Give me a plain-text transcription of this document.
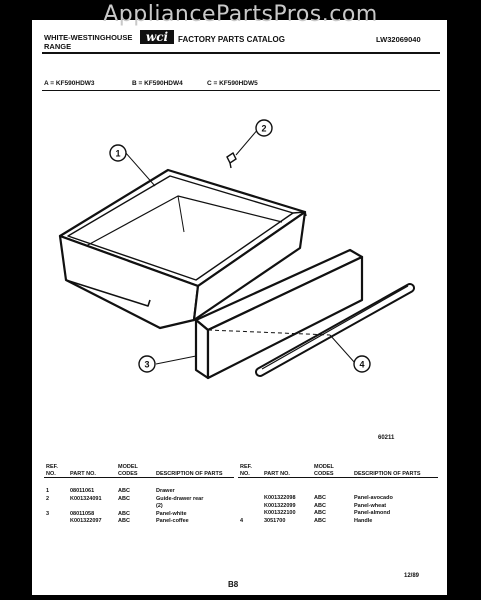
AppliancePartsPros.com
WHITE-WESTINGHOUSE
RANGE
wci FACTORY PARTS CATALOG	LW32069040
A = KF590HDW3	B = KF590HDW4	C = KF590HDW5
1
2
3	4
60211
REF. NO.	PART NO.	MODEL CODES	DESCRIPTION OF PARTS

1	08011061	ABC	Drawer
2	K001324091	ABC	Guide-drawer rear
			(2)
3	08011058	ABC	Panel-white
	K001322097	ABC	Panel-coffee
REF. NO.	PART NO.	MODEL CODES	DESCRIPTION OF PARTS

	K001322098	ABC	Panel-avocado
	K001322099	ABC	Panel-wheat
	K001322100	ABC	Panel-almond
4	3051700	ABC	Handle
B8
12/89
